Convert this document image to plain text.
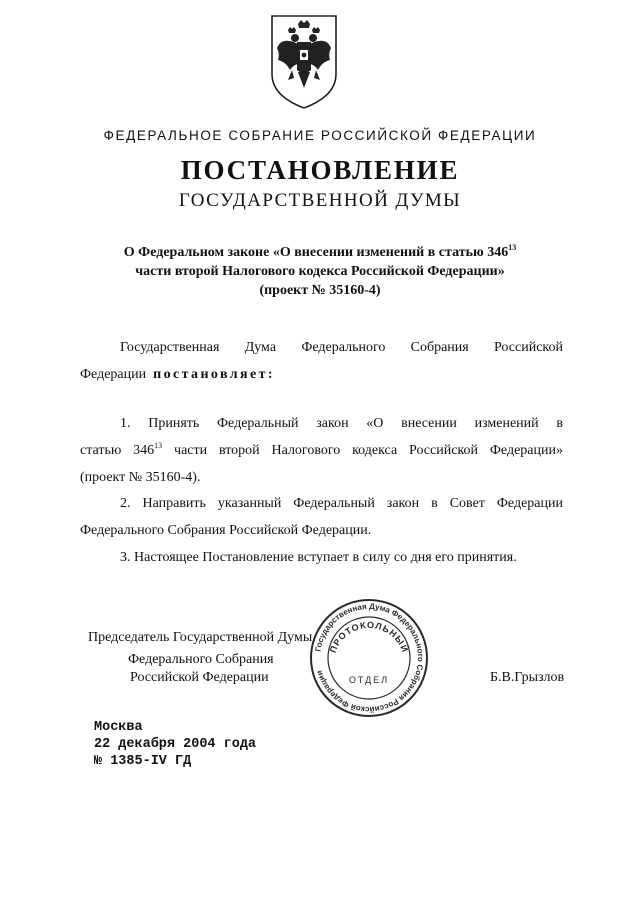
ФЕДЕРАЛЬНОЕ СОБРАНИЕ РОССИЙСКОЙ ФЕДЕРАЦИИ
ПОСТАНОВЛЕНИЕ
ГОСУДАРСТВЕННОЙ ДУМЫ
О Федеральном законе «О внесении изменений в статью $346^{13}$
части второй Налогового кодекса Российской Федерации»
(проект № 35160-4)
Государственная Дума Федерального Собрания Российской
Федерации постановляет:
1. Принять Федеральный закон «О внесении изменений в
статью $346^{13}$ части второй Налогового кодекса Российской Федерации»
(проект № 35160-4).
2. Направить указанный Федеральный закон в Совет Федерации
Федерального Собрания Российской Федерации.
3. Настоящее Постановление вступает в силу со дня его принятия.
Председатель Государственной Думы
Федерального Собрания
Российской Федерации	Б.В.Грызлов
Государственная Дума Федерального Собрания Российской Федерации
ПРОТОКОЛЬНЫЙ
ОТДЕЛ
Москва
22 декабря 2004 года
№ 1385-IV ГД
